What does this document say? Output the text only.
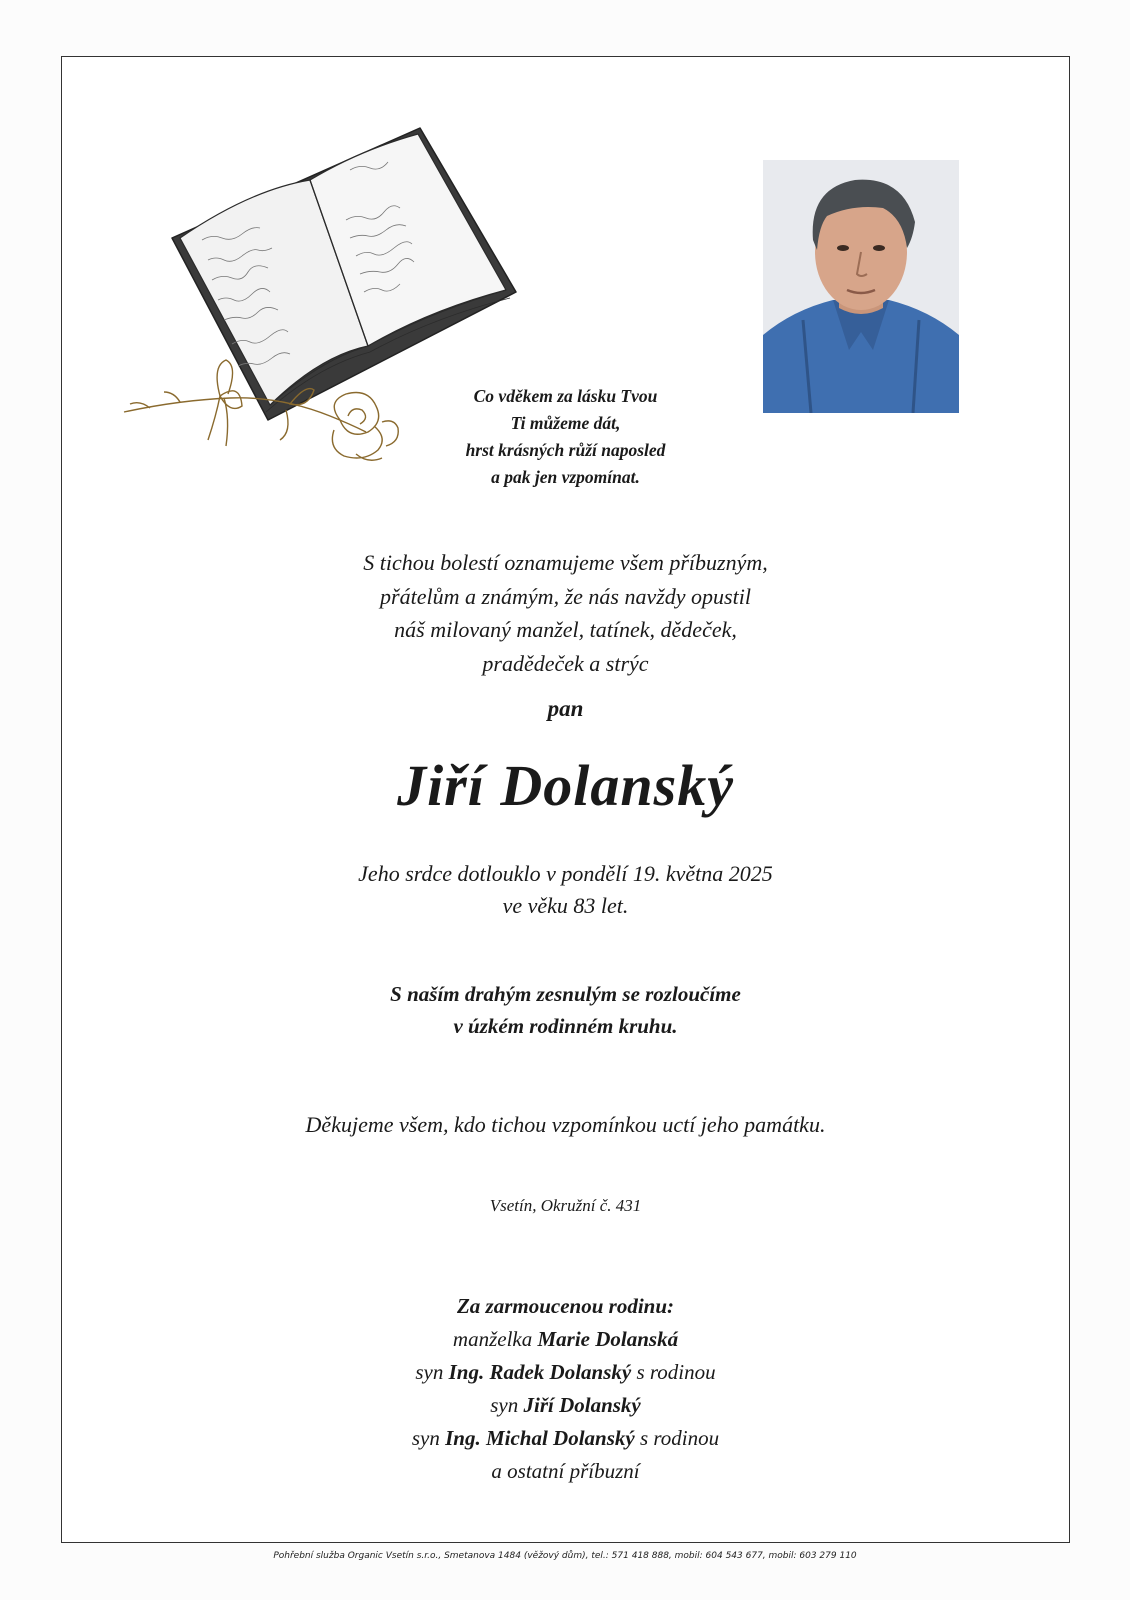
Co vděkem za lásku Tvou
Ti můžeme dát,
hrst krásných růží naposled
a pak jen vzpomínat.
S tichou bolestí oznamujeme všem příbuzným,
přátelům a známým, že nás navždy opustil
náš milovaný manžel, tatínek, dědeček,
pradědeček a strýc
pan
Jiří Dolanský
Jeho srdce dotlouklo v pondělí 19. května 2025
ve věku 83 let.
S naším drahým zesnulým se rozloučíme
v úzkém rodinném kruhu.
Děkujeme všem, kdo tichou vzpomínkou uctí jeho památku.
Vsetín, Okružní č. 431
Za zarmoucenou rodinu:
manželka Marie Dolanská
syn Ing. Radek Dolanský s rodinou
syn Jiří Dolanský
syn Ing. Michal Dolanský s rodinou
a ostatní příbuzní
Pohřební služba Organic Vsetín s.r.o., Smetanova 1484 (věžový dům), tel.: 571 418 888, mobil: 604 543 677, mobil: 603 279 110
